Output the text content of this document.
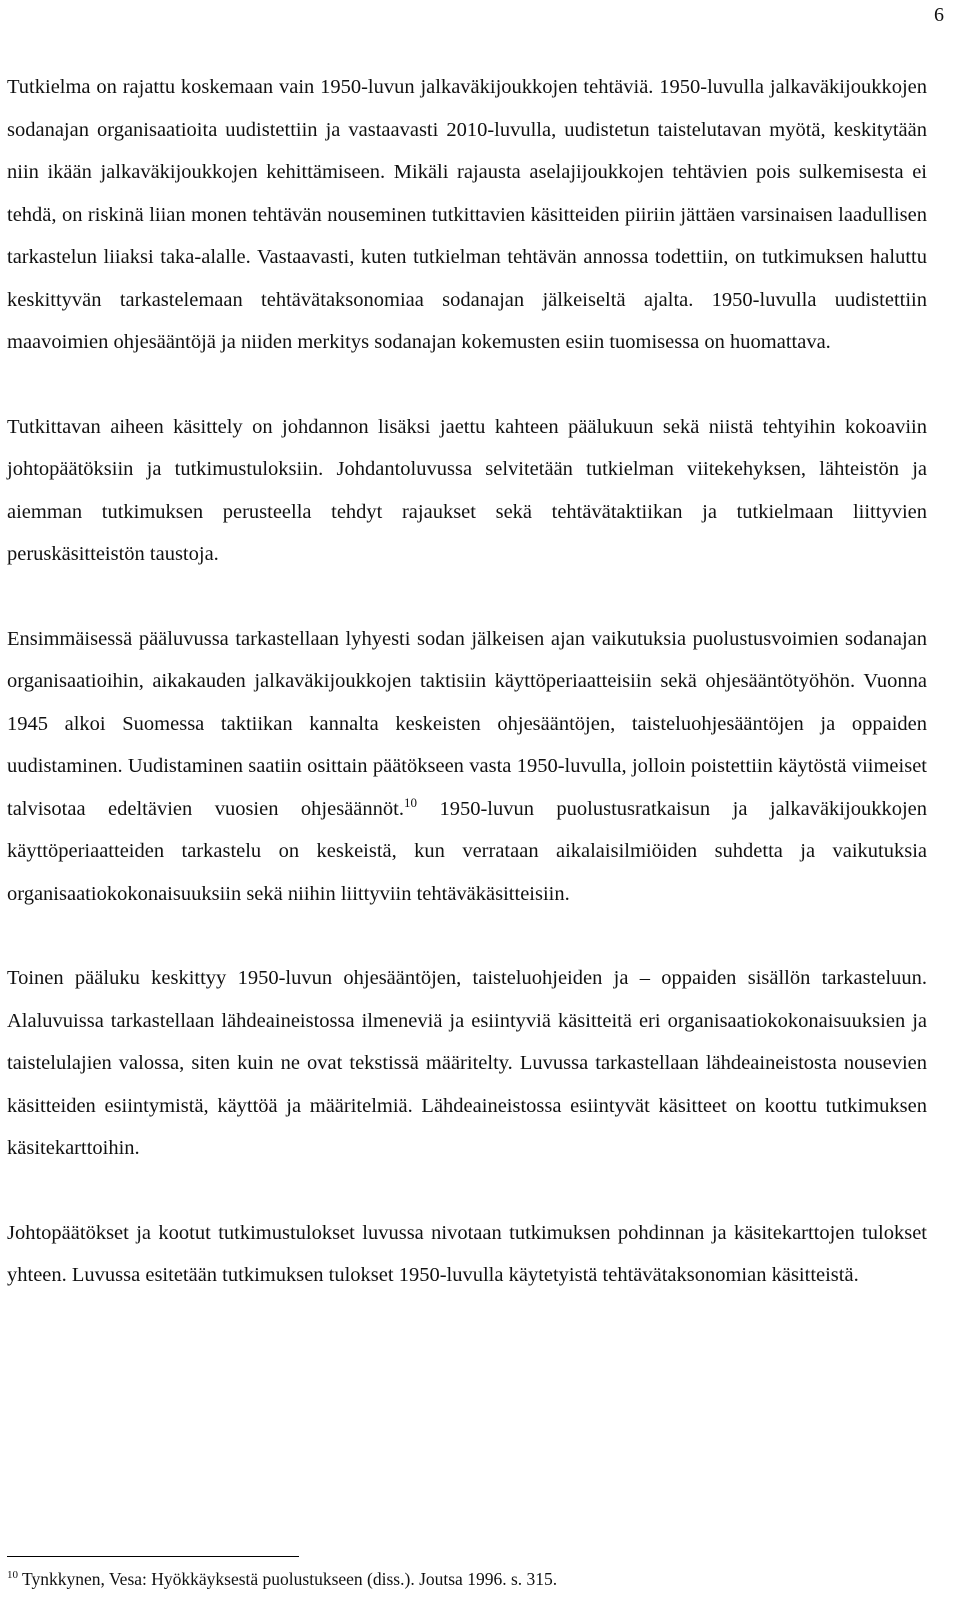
6

Tutkielma on rajattu koskemaan vain 1950-luvun jalkaväkijoukkojen tehtäviä. 1950-luvulla jalkaväkijoukkojen sodanajan organisaatioita uudistettiin ja vastaavasti 2010-luvulla, uudistetun taistelutavan myötä, keskitytään niin ikään jalkaväkijoukkojen kehittämiseen. Mikäli rajausta aselajijoukkojen tehtävien pois sulkemisesta ei tehdä, on riskinä liian monen tehtävän nouseminen tutkittavien käsitteiden piiriin jättäen varsinaisen laadullisen tarkastelun liiaksi taka-alalle. Vastaavasti, kuten tutkielman tehtävän annossa todettiin, on tutkimuksen haluttu keskittyvän tarkastelemaan tehtävätaksonomiaa sodanajan jälkeiseltä ajalta. 1950-luvulla uudistettiin maavoimien ohjesääntöjä ja niiden merkitys sodanajan kokemusten esiin tuomisessa on huomattava.

Tutkittavan aiheen käsittely on johdannon lisäksi jaettu kahteen päälukuun sekä niistä tehtyihin kokoaviin johtopäätöksiin ja tutkimustuloksiin. Johdantoluvussa selvitetään tutkielman viitekehyksen, lähteistön ja aiemman tutkimuksen perusteella tehdyt rajaukset sekä tehtävätaktiikan ja tutkielmaan liittyvien peruskäsitteistön taustoja.

Ensimmäisessä pääluvussa tarkastellaan lyhyesti sodan jälkeisen ajan vaikutuksia puolustusvoimien sodanajan organisaatioihin, aikakauden jalkaväkijoukkojen taktisiin käyttöperiaatteisiin sekä ohjesääntötyöhön. Vuonna 1945 alkoi Suomessa taktiikan kannalta keskeisten ohjesääntöjen, taisteluohjesääntöjen ja oppaiden uudistaminen. Uudistaminen saatiin osittain päätökseen vasta 1950-luvulla, jolloin poistettiin käytöstä viimeiset talvisotaa edeltävien vuosien ohjesäännöt.$^{10}$ 1950-luvun puolustusratkaisun ja jalkaväkijoukkojen käyttöperiaatteiden tarkastelu on keskeistä, kun verrataan aikalaisilmiöiden suhdetta ja vaikutuksia organisaatiokokonaisuuksiin sekä niihin liittyviin tehtäväkäsitteisiin.

Toinen pääluku keskittyy 1950-luvun ohjesääntöjen, taisteluohjeiden ja – oppaiden sisällön tarkasteluun. Alaluvuissa tarkastellaan lähdeaineistossa ilmeneviä ja esiintyviä käsitteitä eri organisaatiokokonaisuuksien ja taistelulajien valossa, siten kuin ne ovat tekstissä määritelty. Luvussa tarkastellaan lähdeaineistosta nousevien käsitteiden esiintymistä, käyttöä ja määritelmiä. Lähdeaineistossa esiintyvät käsitteet on koottu tutkimuksen käsitekarttoihin.

Johtopäätökset ja kootut tutkimustulokset luvussa nivotaan tutkimuksen pohdinnan ja käsitekarttojen tulokset yhteen. Luvussa esitetään tutkimuksen tulokset 1950-luvulla käytetyistä tehtävätaksonomian käsitteistä.

$^{10}$ Tynkkynen, Vesa: Hyökkäyksestä puolustukseen (diss.). Joutsa 1996. s. 315.
